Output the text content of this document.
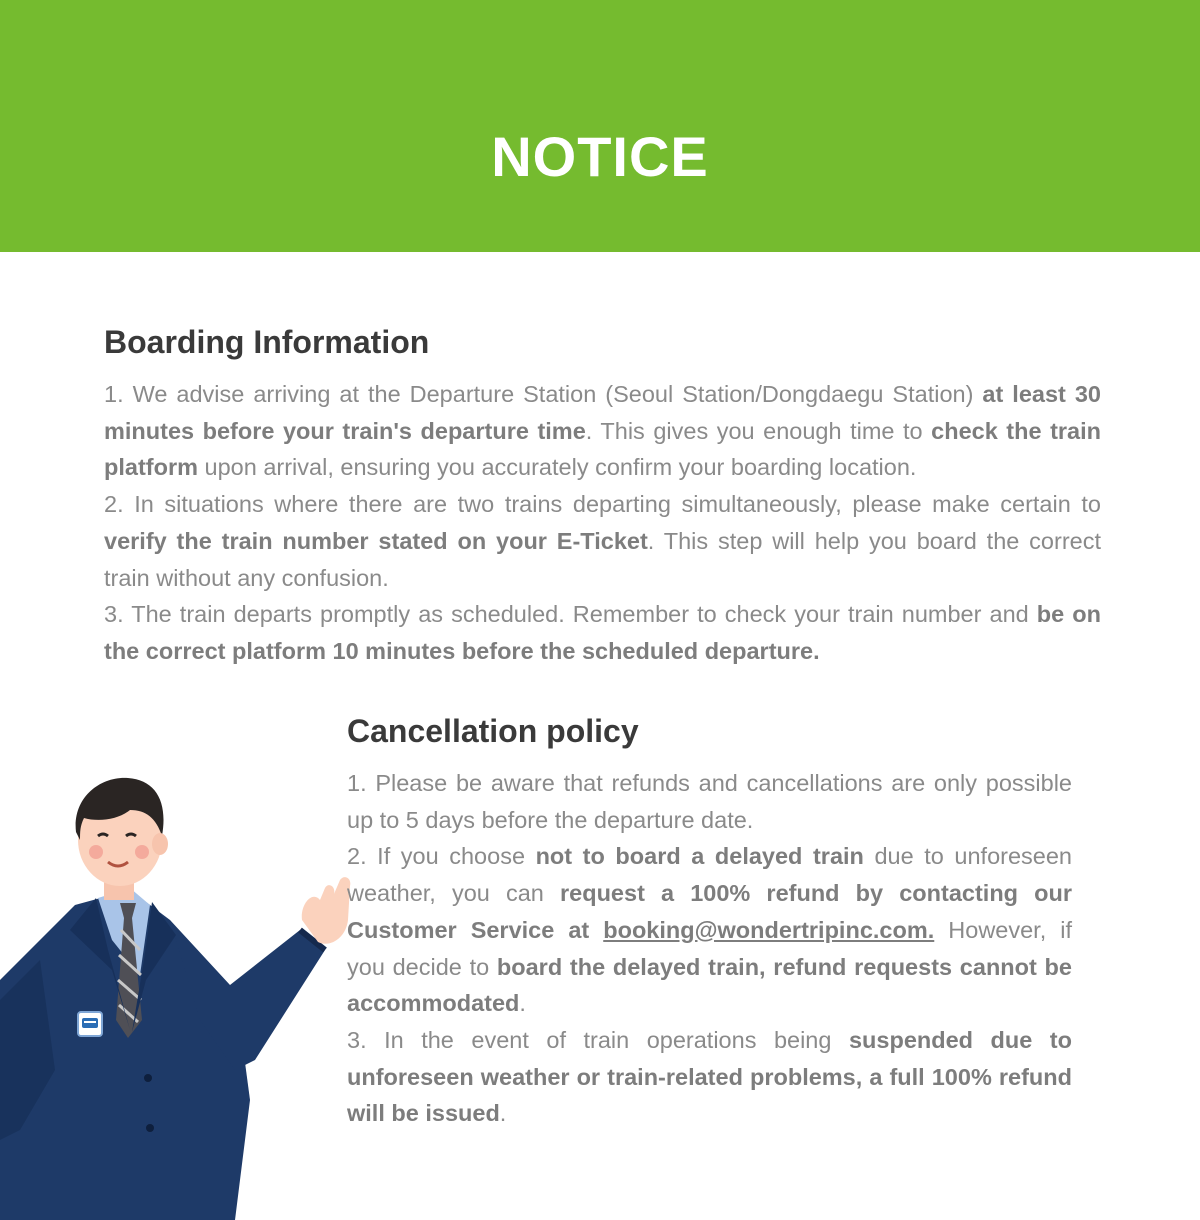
NOTICE
Boarding Information

1. We advise arriving at the Departure Station (Seoul Station/Dongdaegu Station) at least 30 minutes before your train's departure time. This gives you enough time to check the train platform upon arrival, ensuring you accurately confirm your boarding location.

2. In situations where there are two trains departing simultaneously, please make certain to verify the train number stated on your E-Ticket. This step will help you board the correct train without any confusion.

3. The train departs promptly as scheduled. Remember to check your train number and be on the correct platform 10 minutes before the scheduled departure.

Cancellation policy

1. Please be aware that refunds and cancellations are only possible up to 5 days before the departure date.

2. If you choose not to board a delayed train due to unforeseen weather, you can request a 100% refund by contacting our Customer Service at booking@wondertripinc.com. However, if you decide to board the delayed train, refund requests cannot be accommodated.

3. In the event of train operations being suspended due to unforeseen weather or train-related problems, a full 100% refund will be issued.
